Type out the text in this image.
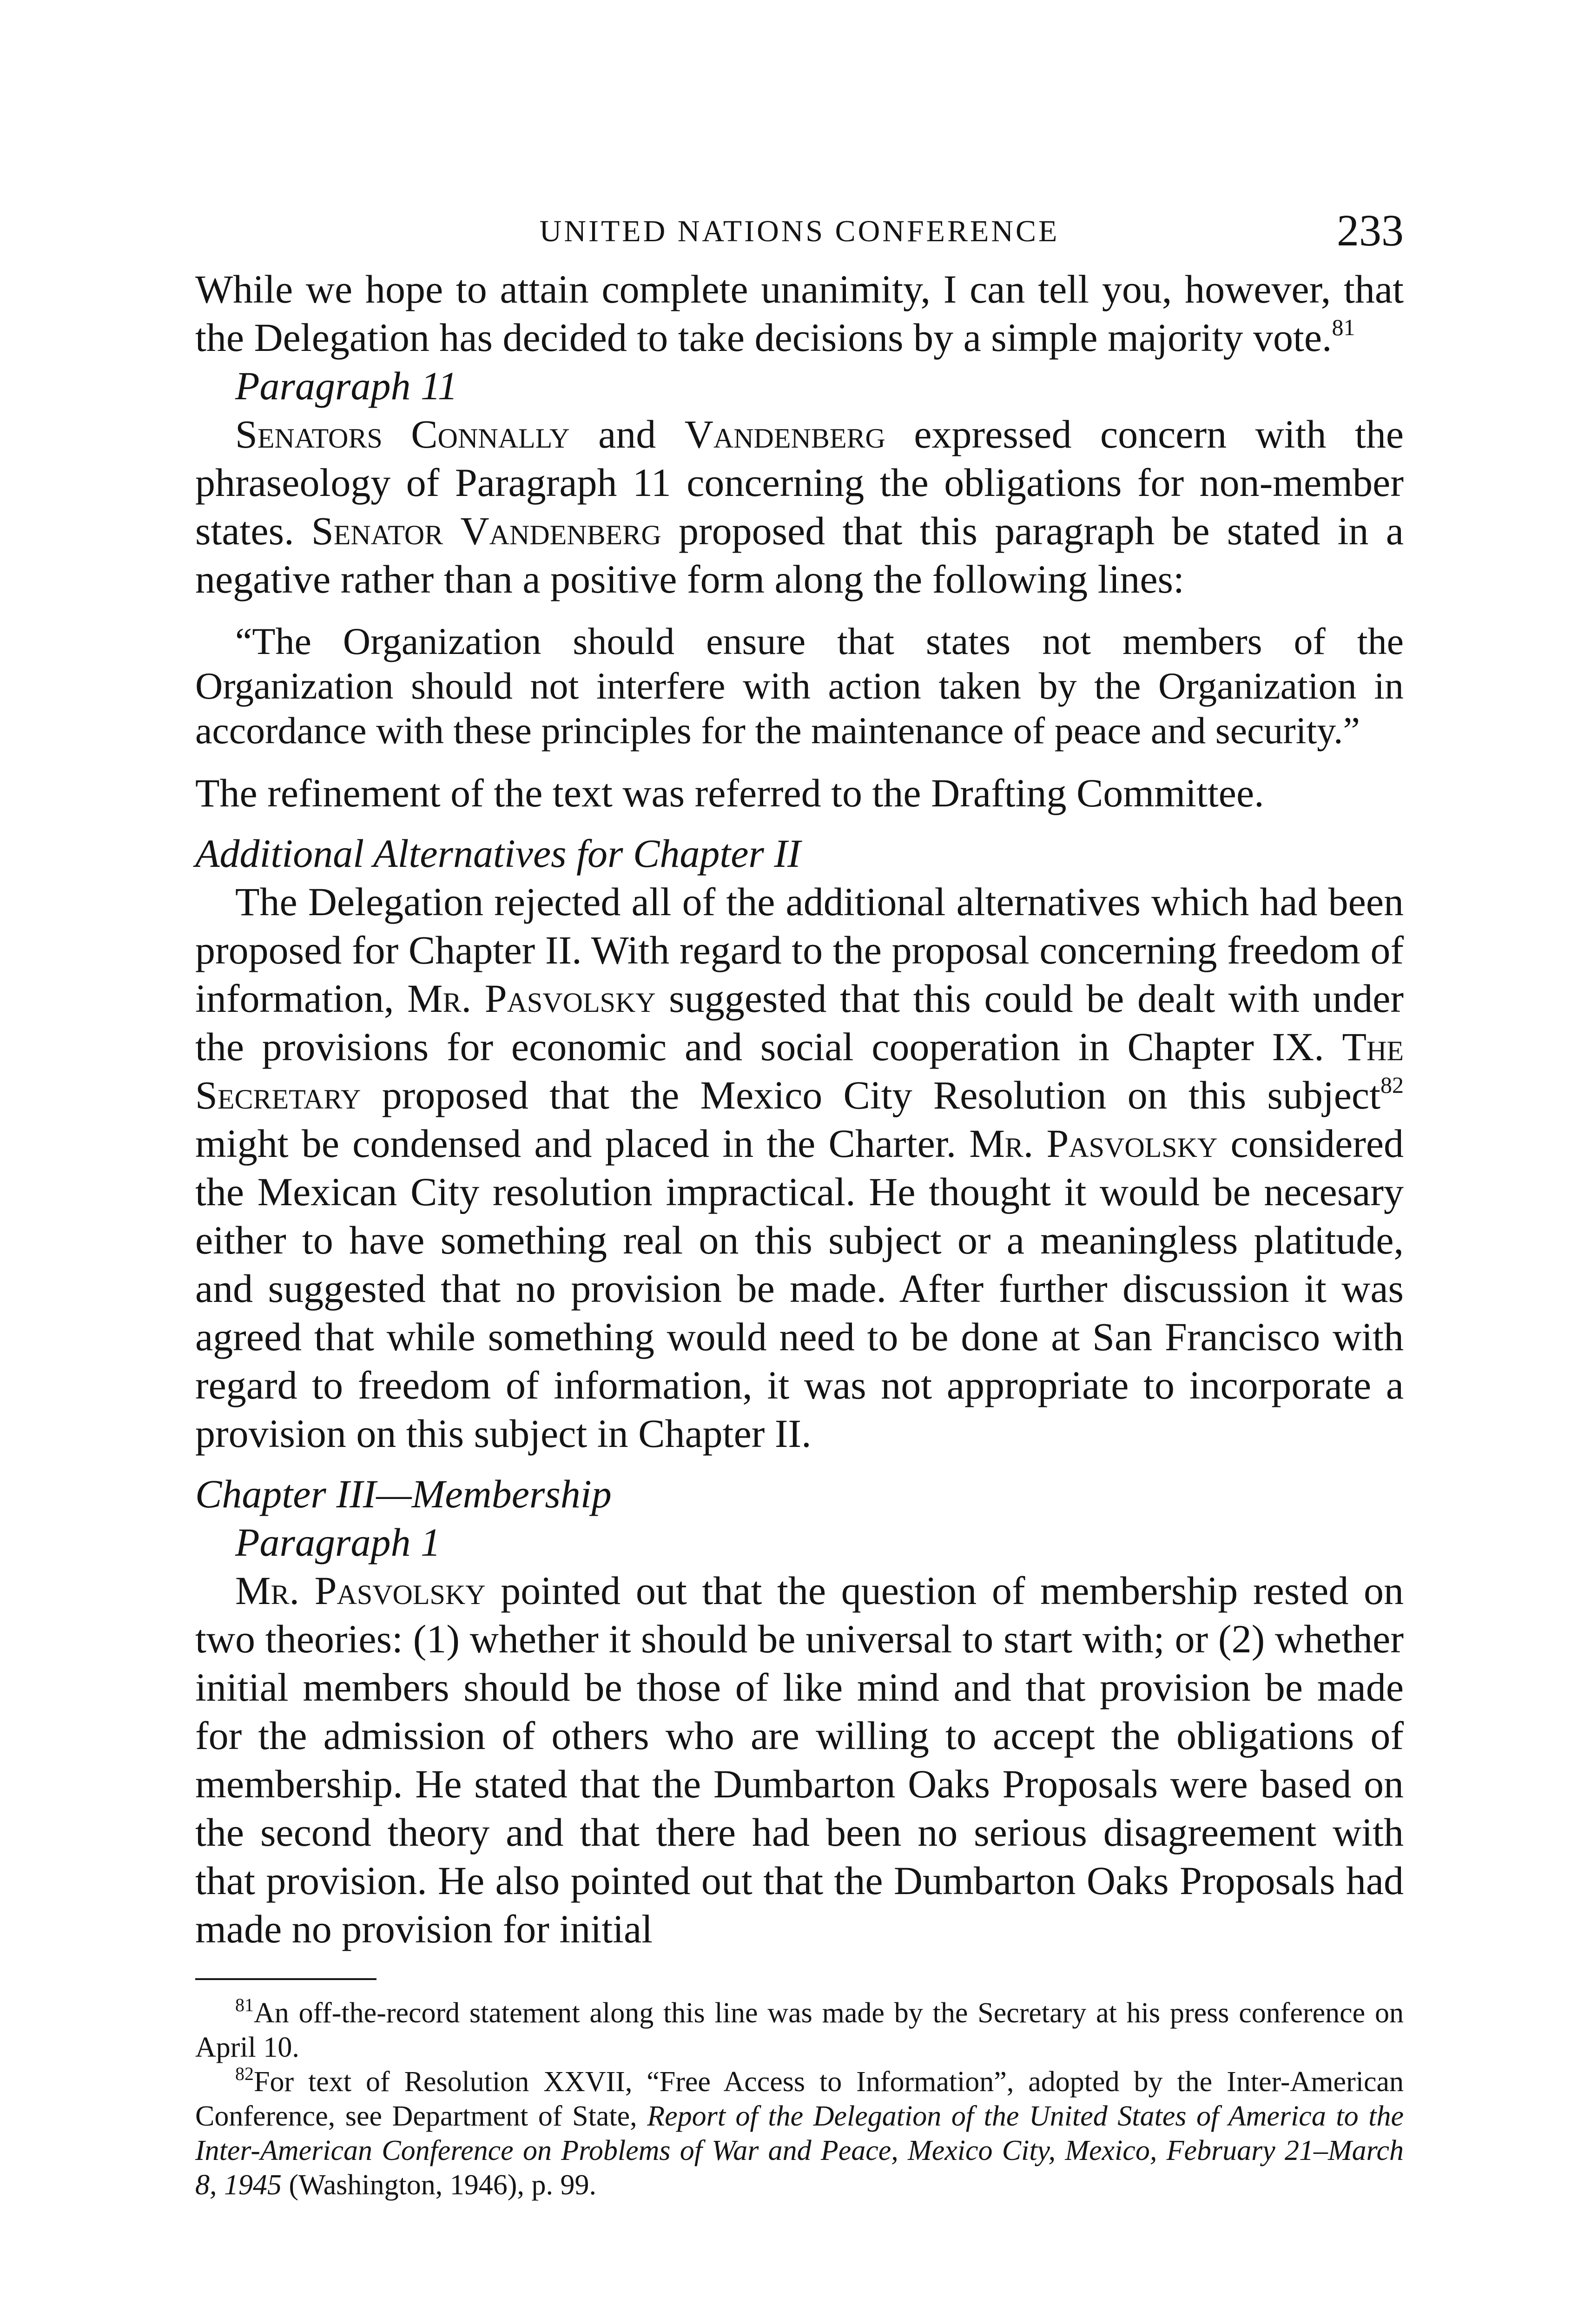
UNITED NATIONS CONFERENCE	233

While we hope to attain complete unanimity, I can tell you, however, that the Delegation has decided to take decisions by a simple majority vote.$^{81}$

Paragraph 11

Senators Connally and Vandenberg expressed concern with the phraseology of Paragraph 11 concerning the obligations for non-member states. Senator Vandenberg proposed that this paragraph be stated in a negative rather than a positive form along the following lines:

“The Organization should ensure that states not members of the Organization should not interfere with action taken by the Organization in accordance with these principles for the maintenance of peace and security.”

The refinement of the text was referred to the Drafting Committee.

Additional Alternatives for Chapter II

The Delegation rejected all of the additional alternatives which had been proposed for Chapter II. With regard to the proposal concerning freedom of information, Mr. Pasvolsky suggested that this could be dealt with under the provisions for economic and social cooperation in Chapter IX. The Secretary proposed that the Mexico City Resolution on this subject$^{82}$ might be condensed and placed in the Charter. Mr. Pasvolsky considered the Mexican City resolution impractical. He thought it would be necesary either to have something real on this subject or a meaningless platitude, and suggested that no provision be made. After further discussion it was agreed that while something would need to be done at San Francisco with regard to freedom of information, it was not appropriate to incorporate a provision on this subject in Chapter II.

Chapter III—Membership

Paragraph 1

Mr. Pasvolsky pointed out that the question of membership rested on two theories: (1) whether it should be universal to start with; or (2) whether initial members should be those of like mind and that provision be made for the admission of others who are willing to accept the obligations of membership. He stated that the Dumbarton Oaks Proposals were based on the second theory and that there had been no serious disagreement with that provision. He also pointed out that the Dumbarton Oaks Proposals had made no provision for initial

$^{81}$An off-the-record statement along this line was made by the Secretary at his press conference on April 10.

$^{82}$For text of Resolution XXVII, “Free Access to Information”, adopted by the Inter-American Conference, see Department of State, Report of the Delegation of the United States of America to the Inter-American Conference on Problems of War and Peace, Mexico City, Mexico, February 21–March 8, 1945 (Washington, 1946), p. 99.
